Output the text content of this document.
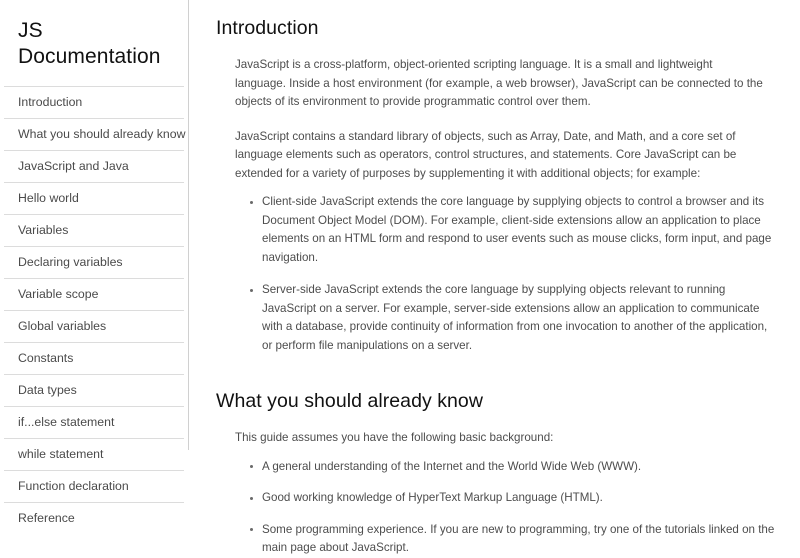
JS Documentation
Introduction
What you should already know
JavaScript and Java
Hello world
Variables
Declaring variables
Variable scope
Global variables
Constants
Data types
if...else statement
while statement
Function declaration
Reference
Introduction

JavaScript is a cross-platform, object-oriented scripting language. It is a small and lightweight language. Inside a host environment (for example, a web browser), JavaScript can be connected to the objects of its environment to provide programmatic control over them.

JavaScript contains a standard library of objects, such as Array, Date, and Math, and a core set of language elements such as operators, control structures, and statements. Core JavaScript can be extended for a variety of purposes by supplementing it with additional objects; for example:

Client-side JavaScript extends the core language by supplying objects to control a browser and its Document Object Model (DOM). For example, client-side extensions allow an application to place elements on an HTML form and respond to user events such as mouse clicks, form input, and page navigation.
Server-side JavaScript extends the core language by supplying objects relevant to running JavaScript on a server. For example, server-side extensions allow an application to communicate with a database, provide continuity of information from one invocation to another of the application, or perform file manipulations on a server.
What you should already know

This guide assumes you have the following basic background:

A general understanding of the Internet and the World Wide Web (WWW).
Good working knowledge of HyperText Markup Language (HTML).
Some programming experience. If you are new to programming, try one of the tutorials linked on the main page about JavaScript.
